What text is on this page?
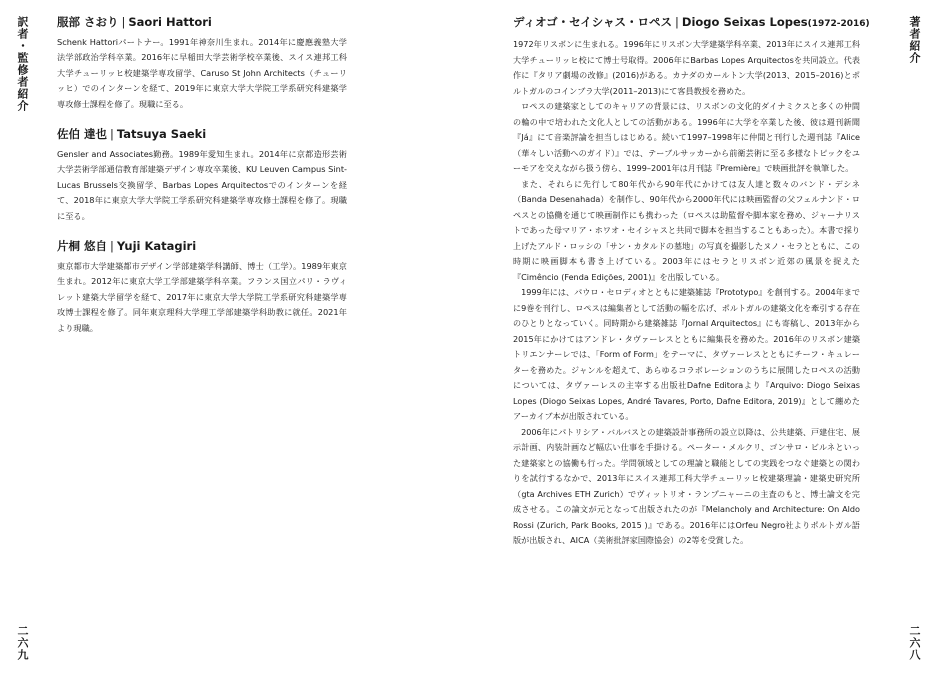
訳者・監修者紹介
二六九
著者紹介
二六八
服部 さおり | Saori Hattori
Schenk Hattoriパートナー。1991年神奈川生まれ。2014年に慶應義塾大学法学部政治学科卒業。2016年に早稲田大学芸術学校卒業後、スイス連邦工科大学チューリッヒ校建築学専攻留学、Caruso St John Architects（チューリッヒ）でのインターンを経て、2019年に東京大学大学院工学系研究科建築学専攻修士課程を修了。現職に至る。
佐伯 達也 | Tatsuya Saeki
Gensler and Associates勤務。1989年愛知生まれ。2014年に京都造形芸術大学芸術学部通信教育部建築デザイン専攻卒業後、KU Leuven Campus Sint-Lucas Brussels交換留学、Barbas Lopes Arquitectosでのインターンを経て、2018年に東京大学大学院工学系研究科建築学専攻修士課程を修了。現職に至る。
片桐 悠自 | Yuji Katagiri
東京都市大学建築都市デザイン学部建築学科講師、博士（工学）。1989年東京生まれ。2012年に東京大学工学部建築学科卒業。フランス国立パリ・ラヴィレット建築大学留学を経て、2017年に東京大学大学院工学系研究科建築学専攻博士課程を修了。同年東京理科大学理工学部建築学科助教に就任。2021年より現職。
ディオゴ・セイシャス・ロペス | Diogo Seixas Lopes(1972-2016)

1972年リスボンに生まれる。1996年にリスボン大学建築学科卒業、2013年にスイス連邦工科大学チューリッヒ校にて博士号取得。2006年にBarbas Lopes Arquitectosを共同設立。代表作に『タリア劇場の改修』(2016)がある。カナダのカールトン大学(2013、2015–2016)とポルトガルのコインブラ大学(2011–2013)にて客員教授を務めた。

ロペスの建築家としてのキャリアの背景には、リスボンの文化的ダイナミクスと多くの仲間の輪の中で培われた文化人としての活動がある。1996年に大学を卒業した後、彼は週刊新聞『Já』にて音楽評論を担当しはじめる。続いて1997–1998年に仲間と刊行した週刊誌『Alice（華々しい活動へのガイド）』では、テーブルサッカーから前衛芸術に至る多様なトピックをユーモアを交えながら扱う傍ら、1999–2001年は月刊誌『Première』で映画批評を執筆した。

また、それらに先行して80年代から90年代にかけては友人達と数々のバンド・デシネ（Banda Desenahada）を制作し、90年代から2000年代には映画監督の父フェルナンド・ロペスとの協働を通じて映画制作にも携わった（ロペスは助監督や脚本家を務め、ジャーナリストであった母マリア・ホワオ・セイシャスと共同で脚本を担当することもあった）。本書で採り上げたアルド・ロッシの「サン・カタルドの墓地」の写真を撮影したヌノ・セラとともに、この時期に映画脚本も書き上げている。2003年にはセラとリスボン近郊の風景を捉えた『Cimêncio (Fenda Edições, 2001)』を出版している。

1999年には、パウロ・セロディオとともに建築雑誌『Prototypo』を創刊する。2004年までに9巻を刊行し、ロペスは編集者として活動の幅を広げ、ポルトガルの建築文化を牽引する存在のひとりとなっていく。同時期から建築雑誌『Jornal Arquitectos』にも寄稿し、2013年から2015年にかけてはアンドレ・タヴァーレスとともに編集長を務めた。2016年のリスボン建築トリエンナーレでは、「Form of Form」をテーマに、タヴァーレスとともにチーフ・キュレーターを務めた。ジャンルを超えて、あらゆるコラボレーションのうちに展開したロペスの活動については、タヴァーレスの主宰する出版社Dafne Editoraより『Arquivo: Diogo Seixas Lopes (Diogo Seixas Lopes, André Tavares, Porto, Dafne Editora, 2019)』として纏めたアーカイブ本が出版されている。

2006年にパトリシア・バルバスとの建築設計事務所の設立以降は、公共建築、戸建住宅、展示計画、内装計画など幅広い仕事を手掛ける。ペーター・メルクリ、ゴンサロ・ビルネといった建築家との協働も行った。学問領域としての理論と職能としての実践をつなぐ建築との関わりを試行するなかで、2013年にスイス連邦工科大学チューリッヒ校建築理論・建築史研究所（gta Archives ETH Zurich）でヴィットリオ・ランプニャーニの主査のもと、博士論文を完成させる。この論文が元となって出版されたのが『Melancholy and Architecture: On Aldo Rossi (Zurich, Park Books, 2015 )』である。2016年にはOrfeu Negro社よりポルトガル語版が出版され、AICA（美術批評家国際協会）の2等を受賞した。
